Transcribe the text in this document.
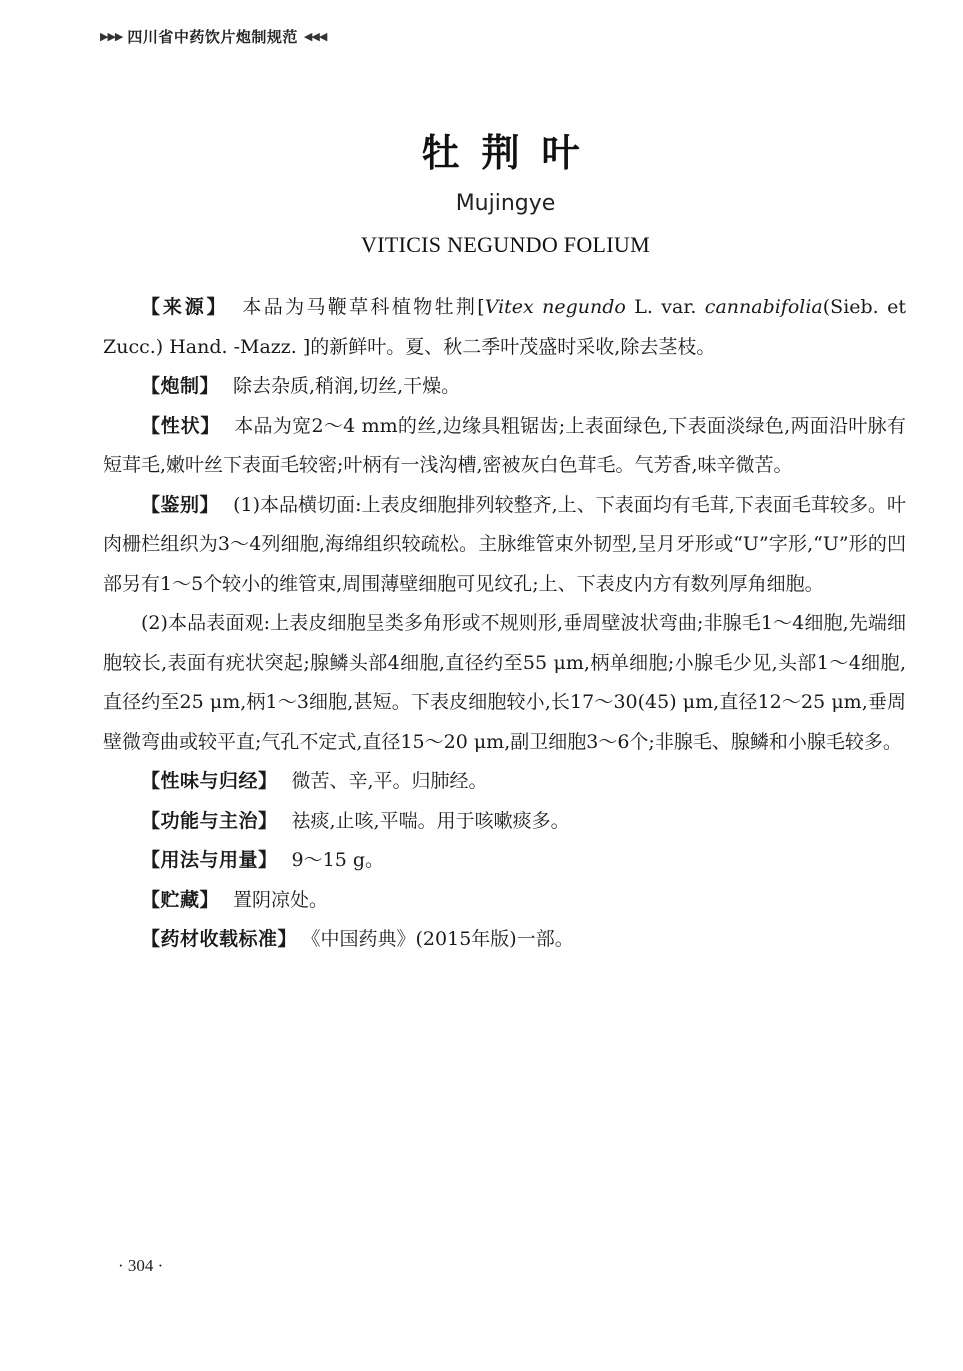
▶▶▶ 四川省中药饮片炮制规范 ◀◀◀
牡荆叶
Mujingye
VITICIS NEGUNDO FOLIUM

【来源】 本品为马鞭草科植物牡荆[Vitex negundo L. var. cannabifolia(Sieb. et Zucc.) Hand. -Mazz. ]的新鲜叶。夏、秋二季叶茂盛时采收,除去茎枝。

【炮制】 除去杂质,稍润,切丝,干燥。

【性状】 本品为宽2～4 mm的丝,边缘具粗锯齿;上表面绿色,下表面淡绿色,两面沿叶脉有短茸毛,嫩叶丝下表面毛较密;叶柄有一浅沟槽,密被灰白色茸毛。气芳香,味辛微苦。

【鉴别】 (1)本品横切面:上表皮细胞排列较整齐,上、下表面均有毛茸,下表面毛茸较多。叶肉栅栏组织为3～4列细胞,海绵组织较疏松。主脉维管束外韧型,呈月牙形或“U”字形,“U”形的凹部另有1～5个较小的维管束,周围薄壁细胞可见纹孔;上、下表皮内方有数列厚角细胞。

(2)本品表面观:上表皮细胞呈类多角形或不规则形,垂周壁波状弯曲;非腺毛1～4细胞,先端细胞较长,表面有疣状突起;腺鳞头部4细胞,直径约至55 μm,柄单细胞;小腺毛少见,头部1～4细胞,直径约至25 μm,柄1～3细胞,甚短。下表皮细胞较小,长17～30(45) μm,直径12～25 μm,垂周壁微弯曲或较平直;气孔不定式,直径15～20 μm,副卫细胞3～6个;非腺毛、腺鳞和小腺毛较多。

【性味与归经】 微苦、辛,平。归肺经。

【功能与主治】 祛痰,止咳,平喘。用于咳嗽痰多。

【用法与用量】 9～15 g。

【贮藏】 置阴凉处。

【药材收载标准】 《中国药典》(2015年版)一部。

· 304 ·
